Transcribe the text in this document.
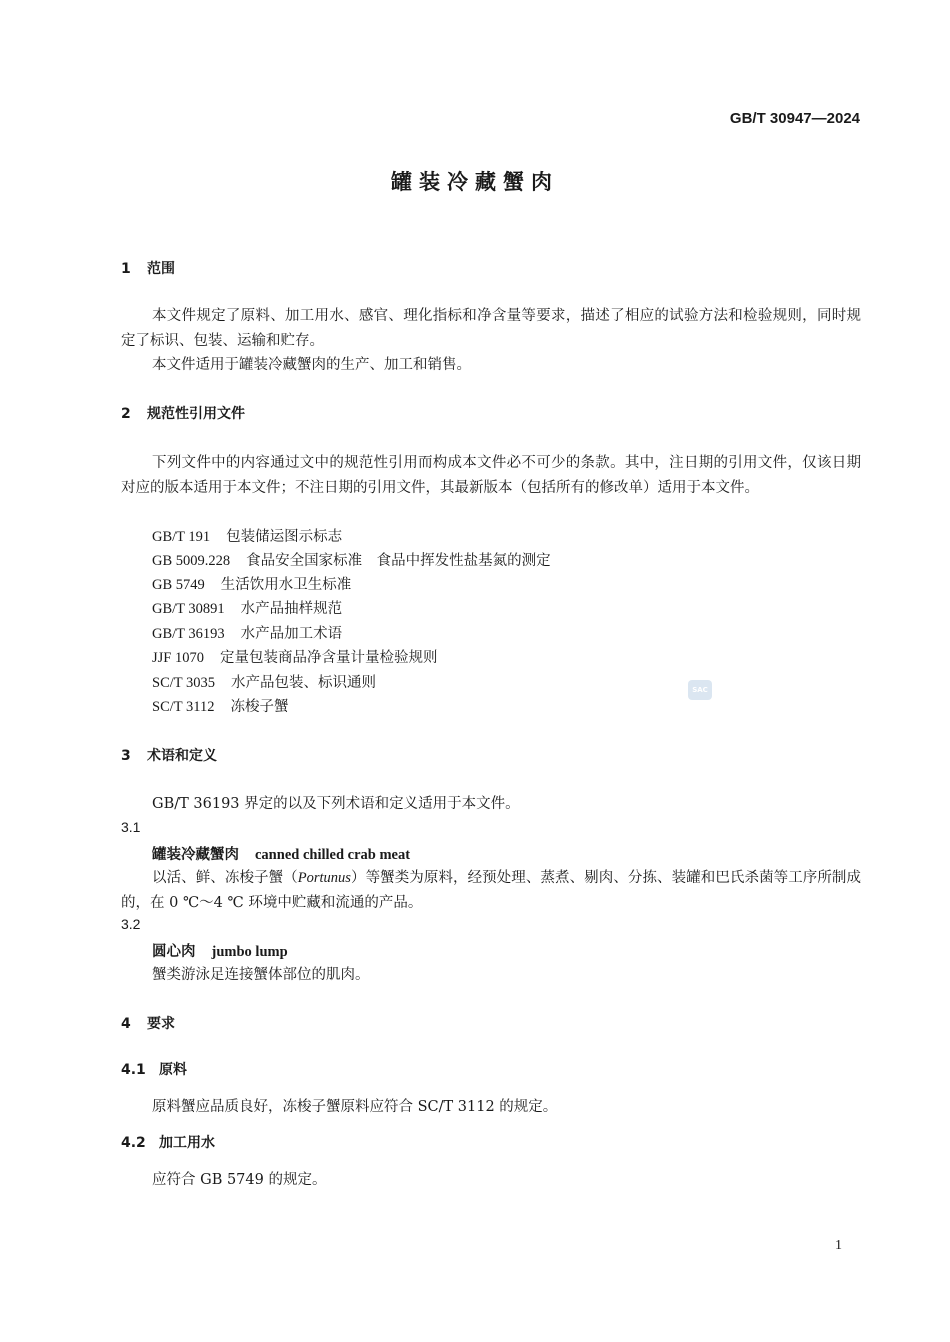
GB/T 30947—2024
罐装冷藏蟹肉
1 范围
本文件规定了原料、加工用水、感官、理化指标和净含量等要求，描述了相应的试验方法和检验规则，同时规定了标识、包装、运输和贮存。
本文件适用于罐装冷藏蟹肉的生产、加工和销售。
2 规范性引用文件
下列文件中的内容通过文中的规范性引用而构成本文件必不可少的条款。其中，注日期的引用文件，仅该日期对应的版本适用于本文件；不注日期的引用文件，其最新版本（包括所有的修改单）适用于本文件。
GB/T 191 包装储运图示标志
GB 5009.228 食品安全国家标准　食品中挥发性盐基氮的测定
GB 5749 生活饮用水卫生标准
GB/T 30891 水产品抽样规范
GB/T 36193 水产品加工术语
JJF 1070 定量包装商品净含量计量检验规则
SC/T 3035 水产品包装、标识通则
SC/T 3112 冻梭子蟹
SAC
3 术语和定义
GB/T 36193 界定的以及下列术语和定义适用于本文件。
3.1
罐装冷藏蟹肉 canned chilled crab meat
以活、鲜、冻梭子蟹（Portunus）等蟹类为原料，经预处理、蒸煮、剔肉、分拣、装罐和巴氏杀菌等工序所制成的，在 0 ℃～4 ℃ 环境中贮藏和流通的产品。
3.2
圆心肉 jumbo lump
蟹类游泳足连接蟹体部位的肌肉。
4 要求
4.1 原料
原料蟹应品质良好，冻梭子蟹原料应符合 SC/T 3112 的规定。
4.2 加工用水
应符合 GB 5749 的规定。
1
